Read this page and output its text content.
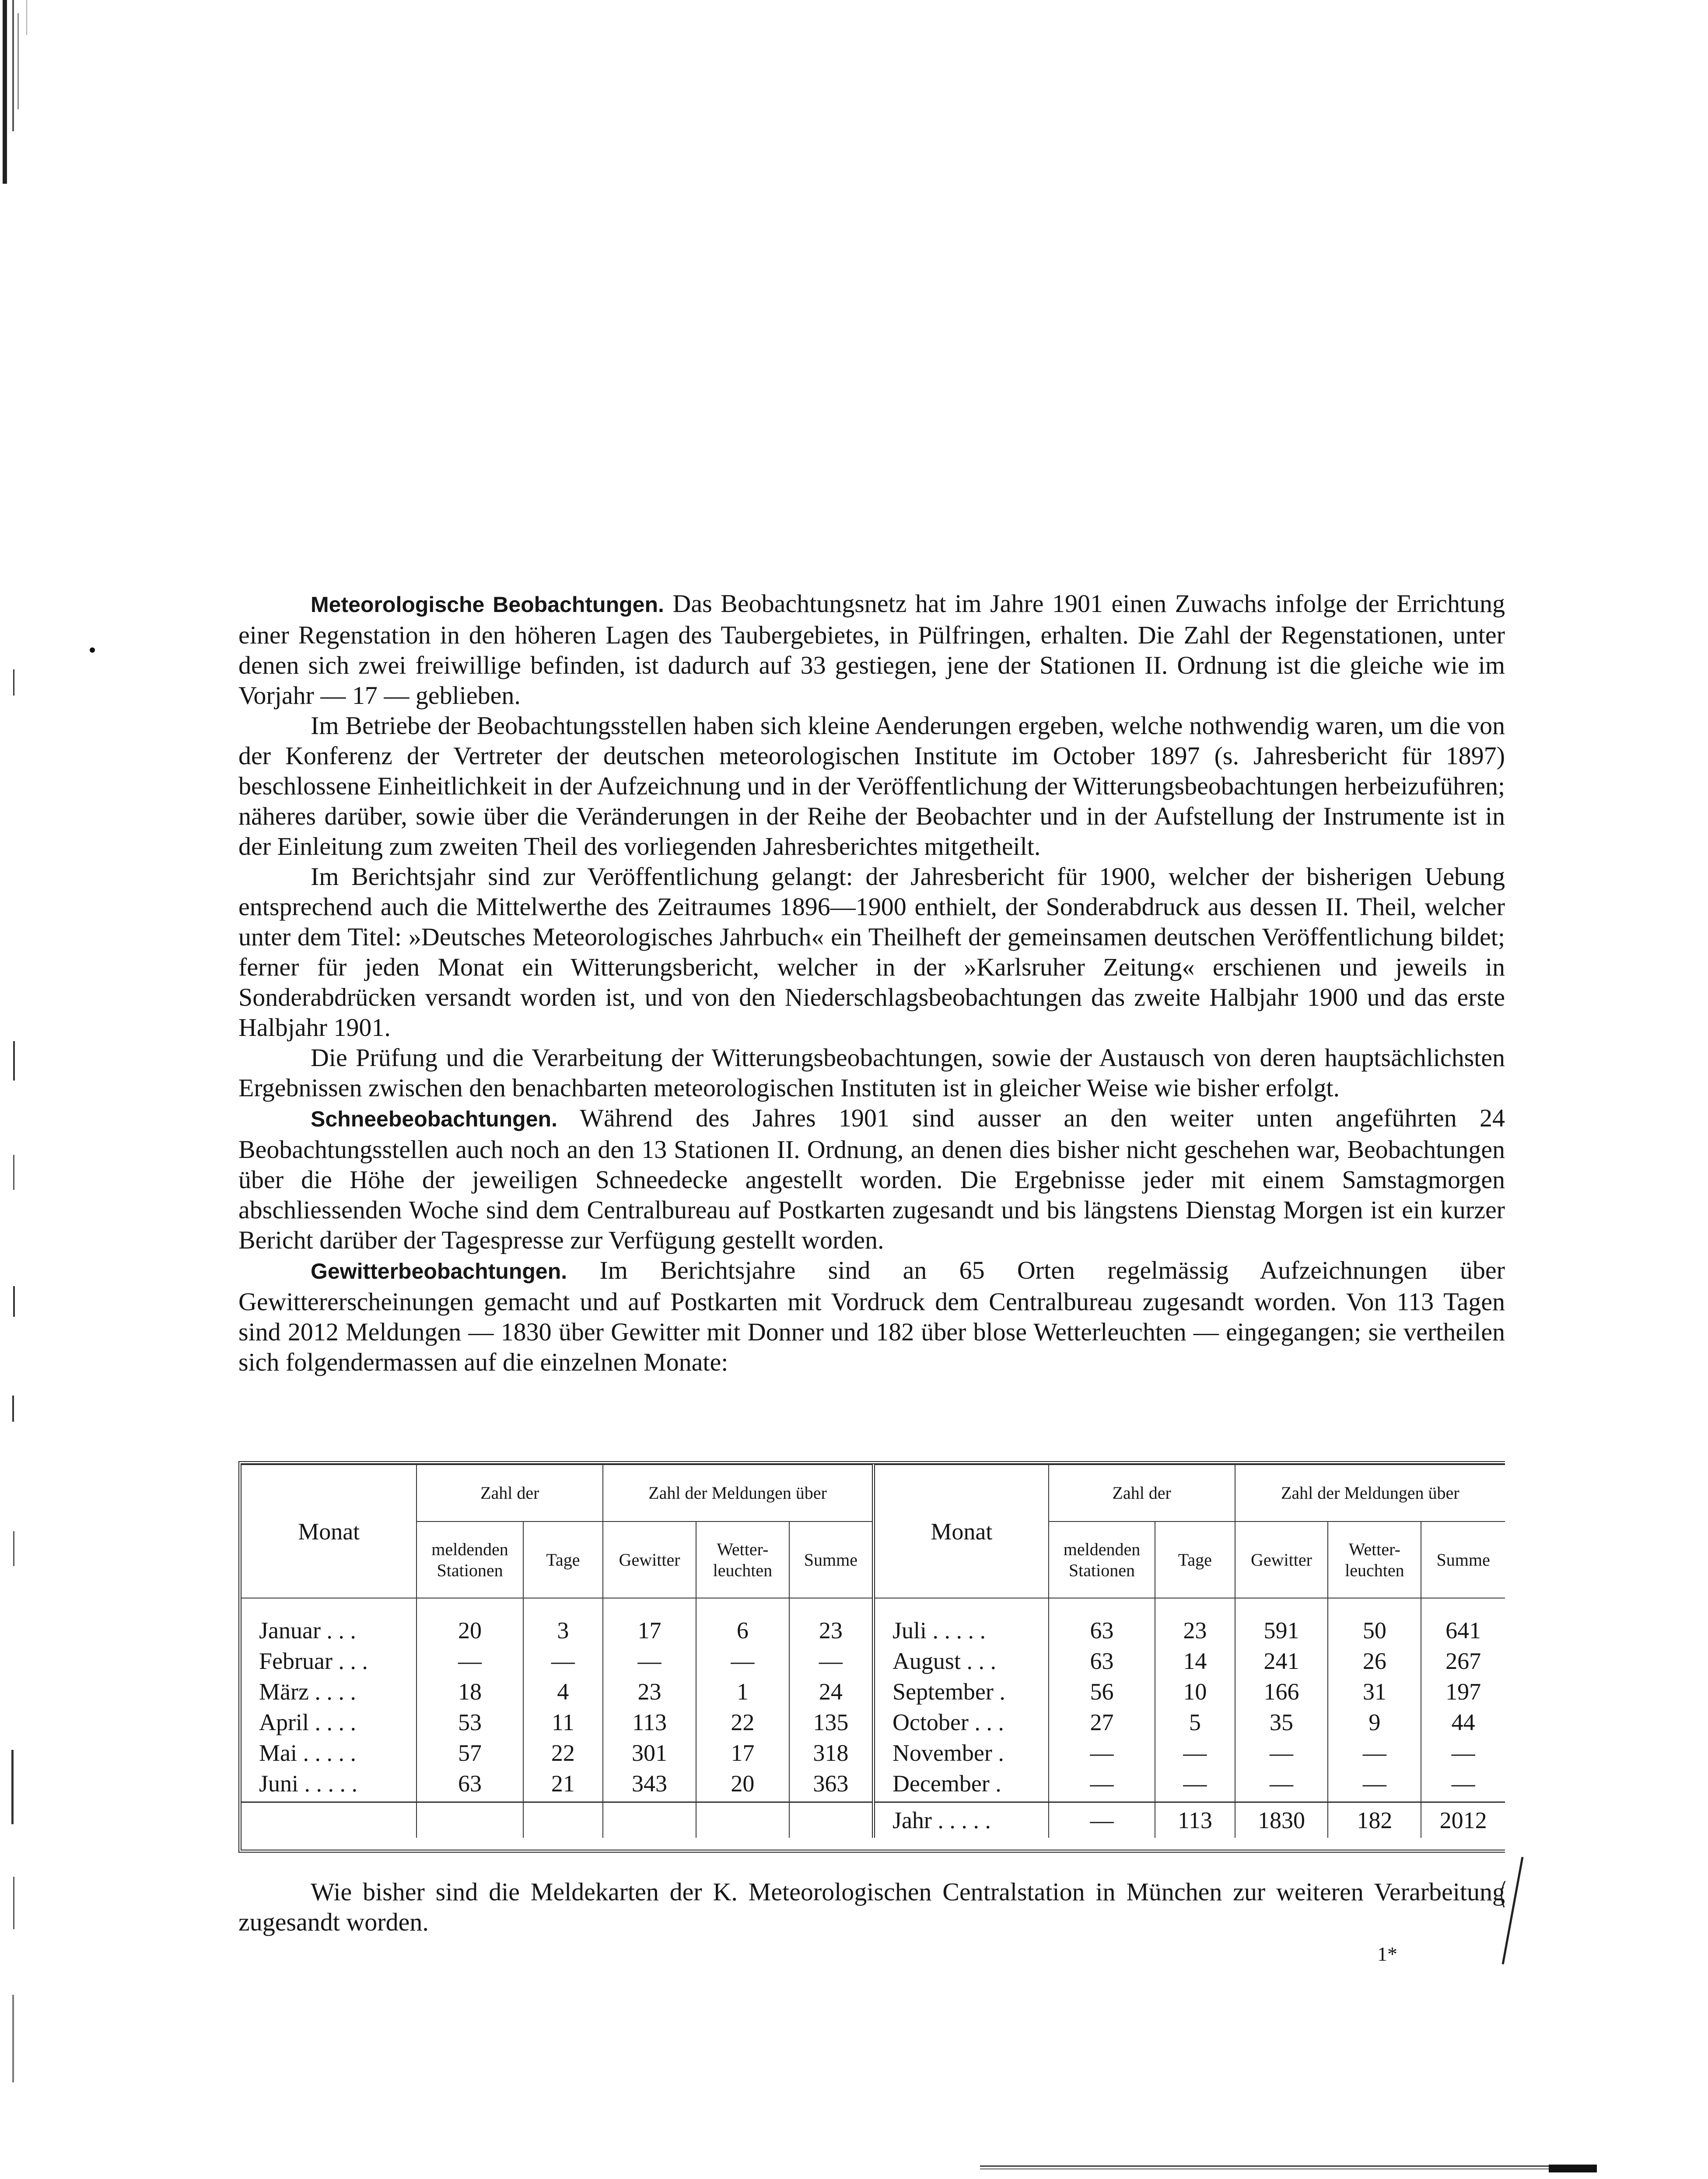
Meteorologische Beobachtungen. Das Beobachtungsnetz hat im Jahre 1901 einen Zuwachs infolge der Errichtung einer Regenstation in den höheren Lagen des Taubergebietes, in Pülfringen, erhalten. Die Zahl der Regenstationen, unter denen sich zwei freiwillige befinden, ist dadurch auf 33 gestiegen, jene der Stationen II. Ordnung ist die gleiche wie im Vorjahr — 17 — geblieben.

Im Betriebe der Beobachtungsstellen haben sich kleine Aenderungen ergeben, welche nothwendig waren, um die von der Konferenz der Vertreter der deutschen meteorologischen Institute im October 1897 (s. Jahresbericht für 1897) beschlossene Einheitlichkeit in der Aufzeichnung und in der Veröffentlichung der Witterungsbeobachtungen herbeizuführen; näheres darüber, sowie über die Veränderungen in der Reihe der Beobachter und in der Aufstellung der Instrumente ist in der Einleitung zum zweiten Theil des vorliegenden Jahresberichtes mitgetheilt.

Im Berichtsjahr sind zur Veröffentlichung gelangt: der Jahresbericht für 1900, welcher der bisherigen Uebung entsprechend auch die Mittelwerthe des Zeitraumes 1896—1900 enthielt, der Sonderabdruck aus dessen II. Theil, welcher unter dem Titel: »Deutsches Meteorologisches Jahrbuch« ein Theilheft der gemeinsamen deutschen Veröffentlichung bildet; ferner für jeden Monat ein Witterungsbericht, welcher in der »Karlsruher Zeitung« erschienen und jeweils in Sonderabdrücken versandt worden ist, und von den Niederschlagsbeobachtungen das zweite Halbjahr 1900 und das erste Halbjahr 1901.

Die Prüfung und die Verarbeitung der Witterungsbeobachtungen, sowie der Austausch von deren hauptsächlichsten Ergebnissen zwischen den benachbarten meteorologischen Instituten ist in gleicher Weise wie bisher erfolgt.

Schneebeobachtungen. Während des Jahres 1901 sind ausser an den weiter unten angeführten 24 Beobachtungsstellen auch noch an den 13 Stationen II. Ordnung, an denen dies bisher nicht geschehen war, Beobachtungen über die Höhe der jeweiligen Schneedecke angestellt worden. Die Ergebnisse jeder mit einem Samstagmorgen abschliessenden Woche sind dem Centralbureau auf Postkarten zugesandt und bis längstens Dienstag Morgen ist ein kurzer Bericht darüber der Tagespresse zur Verfügung gestellt worden.

Gewitterbeobachtungen. Im Berichtsjahre sind an 65 Orten regelmässig Aufzeichnungen über Gewittererscheinungen gemacht und auf Postkarten mit Vordruck dem Centralbureau zugesandt worden. Von 113 Tagen sind 2012 Meldungen — 1830 über Gewitter mit Donner und 182 über blose Wetterleuchten — eingegangen; sie vertheilen sich folgendermassen auf die einzelnen Monate:

Monat	Zahl der		Zahl der Meldungen über			Monat	Zahl der		Zahl der Meldungen über		
	meldenden Stationen	Tage	Gewitter	Wetter-leuchten	Summe		meldenden Stationen	Tage	Gewitter	Wetter-leuchten	Summe

Januar . . .	20	3	17	6	23	Juli . . . . .	63	23	591	50	641
Februar . . .	—	—	—	—	—	August . . .	63	14	241	26	267
März . . . .	18	4	23	1	24	September .	56	10	166	31	197
April . . . .	53	11	113	22	135	October . . .	27	5	35	9	44
Mai . . . . .	57	22	301	17	318	November .	—	—	—	—	—
Juni . . . . .	63	21	343	20	363	December .	—	—	—	—	—
						Jahr . . . . .	—	113	1830	182	2012

Wie bisher sind die Meldekarten der K. Meteorologischen Centralstation in München zur weiteren Verarbeitung zugesandt worden.

1*
